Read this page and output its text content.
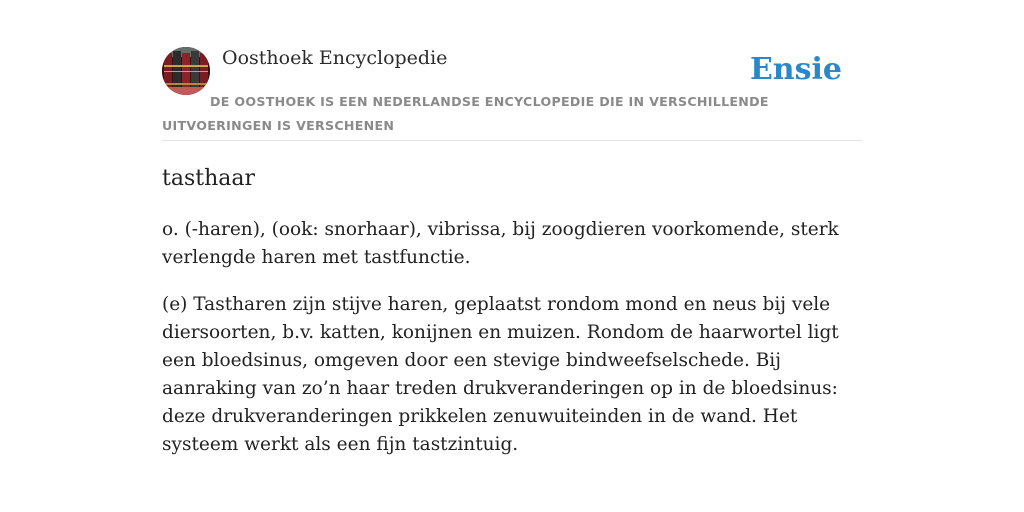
Oosthoek Encyclopedie	Ensie
DE OOSTHOEK IS EEN NEDERLANDSE ENCYCLOPEDIE DIE IN VERSCHILLENDE UITVOERINGEN IS VERSCHENEN
tasthaar

o. (-haren), (ook: snorhaar), vibrissa, bij zoogdieren voorkomende, sterk verlengde haren met tastfunctie.

(e) Tastharen zijn stijve haren, geplaatst rondom mond en neus bij vele diersoorten, b.v. katten, konijnen en muizen. Rondom de haarwortel ligt een bloedsinus, omgeven door een stevige bindweefselschede. Bij aanraking van zo’n haar treden drukveranderingen op in de bloedsinus: deze drukveranderingen prikkelen zenuwuiteinden in de wand. Het systeem werkt als een fijn tastzintuig.
